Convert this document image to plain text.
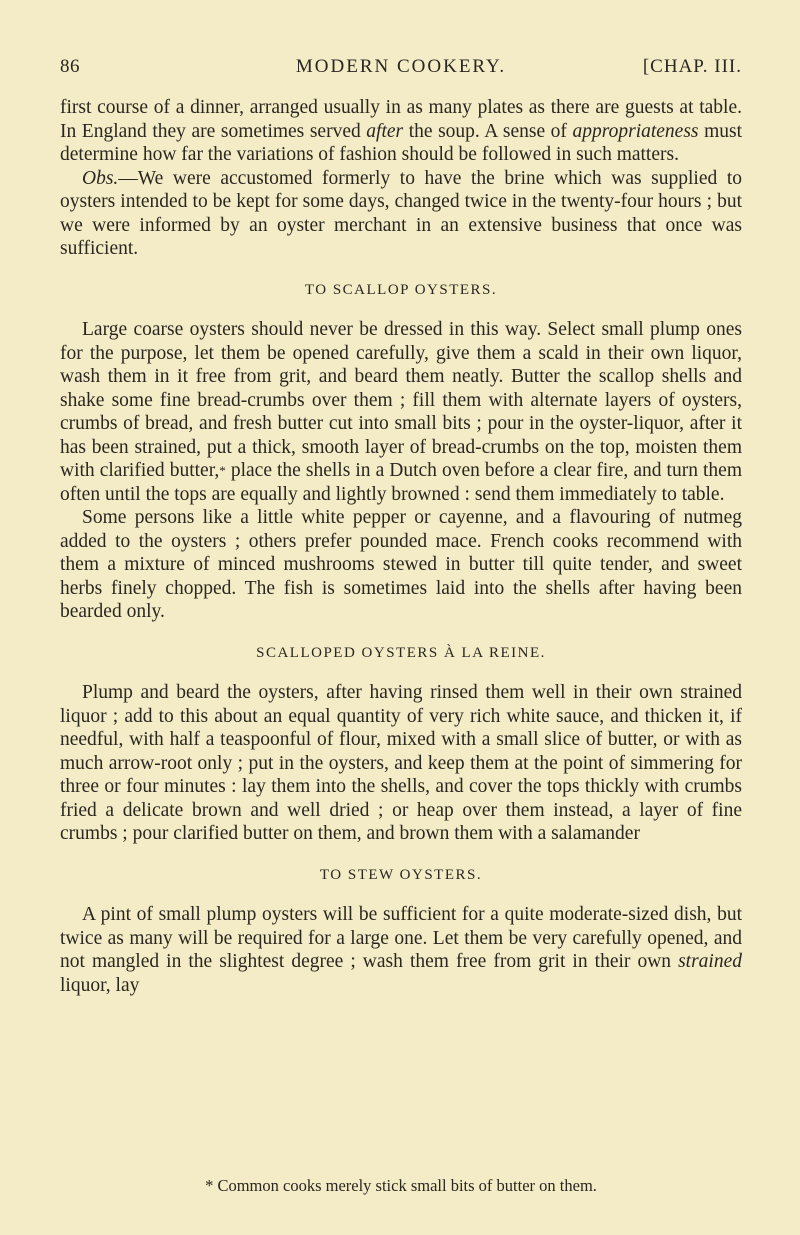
86	MODERN COOKERY.	[CHAP. III.

first course of a dinner, arranged usually in as many plates as there are guests at table. In England they are sometimes served after the soup. A sense of appropriateness must determine how far the variations of fashion should be followed in such matters.

Obs.—We were accustomed formerly to have the brine which was supplied to oysters intended to be kept for some days, changed twice in the twenty-four hours ; but we were informed by an oyster merchant in an extensive business that once was sufficient.

TO SCALLOP OYSTERS.

Large coarse oysters should never be dressed in this way. Select small plump ones for the purpose, let them be opened carefully, give them a scald in their own liquor, wash them in it free from grit, and beard them neatly. Butter the scallop shells and shake some fine bread-crumbs over them ; fill them with alternate layers of oysters, crumbs of bread, and fresh butter cut into small bits ; pour in the oyster-liquor, after it has been strained, put a thick, smooth layer of bread-crumbs on the top, moisten them with clarified butter,* place the shells in a Dutch oven before a clear fire, and turn them often until the tops are equally and lightly browned : send them immediately to table.

Some persons like a little white pepper or cayenne, and a flavouring of nutmeg added to the oysters ; others prefer pounded mace. French cooks recommend with them a mixture of minced mushrooms stewed in butter till quite tender, and sweet herbs finely chopped. The fish is sometimes laid into the shells after having been bearded only.

SCALLOPED OYSTERS À LA REINE.

Plump and beard the oysters, after having rinsed them well in their own strained liquor ; add to this about an equal quantity of very rich white sauce, and thicken it, if needful, with half a teaspoonful of flour, mixed with a small slice of butter, or with as much arrow-root only ; put in the oysters, and keep them at the point of simmering for three or four minutes : lay them into the shells, and cover the tops thickly with crumbs fried a delicate brown and well dried ; or heap over them instead, a layer of fine crumbs ; pour clarified butter on them, and brown them with a salamander

TO STEW OYSTERS.

A pint of small plump oysters will be sufficient for a quite moderate-sized dish, but twice as many will be required for a large one. Let them be very carefully opened, and not mangled in the slightest degree ; wash them free from grit in their own strained liquor, lay

* Common cooks merely stick small bits of butter on them.
